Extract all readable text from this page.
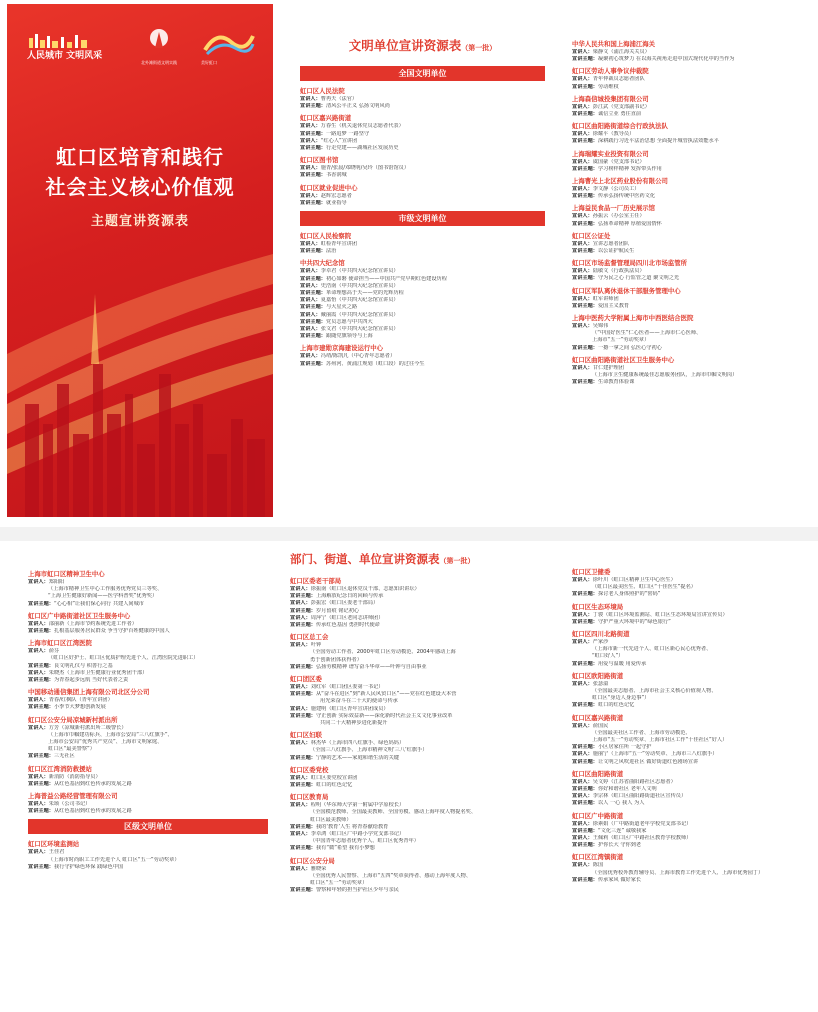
人民城市 文明风采
北外滩街道文明实践	美好虹口
虹口区培育和践行
社会主义核心价值观
主题宣讲资源表
文明单位宣讲资源表（第一批）
全国文明单位
虹口区人民法院
宣讲人：曹再天（法官）
宣讲主题：清风公平正义 弘扬文明风尚
虹口区嘉兴路街道
宣讲人：万春生（机关退休党员志愿者代表）
宣讲主题：一路追梦 一路坚守
宣讲人：“红心人”宣讲团
宣讲主题：行走党建——湖城社区发展历史
虹口区图书馆
宣讲人：施青/张晨/邓晓明/吴玲（图书馆馆员）
宣讲主题：书香润城
虹口区就业促进中心
宣讲人：赵辉宏志愿者
宣讲主题：就业指导
市级文明单位
虹口区人民检察院
宣讲人：虹检青年宣讲团
宣讲主题：法治
中共四大纪念馆
宣讲人：李卓君（中共四大纪念馆宣讲员）
宣讲主题：初心如磐 使命担当——中国共产党早期红色建设历程
宣讲人：史浩南（中共四大纪念馆宣讲员）
宣讲主题：革命理想高于天——党的光辉历程
宣讲人：夏嘉怡（中共四大纪念馆宣讲员）
宣讲主题：与大星火之路
宣讲人：戴丽霞（中共四大纪念馆宣讲员）
宣讲主题：党员志愿与中共四大
宣讲人：张文君（中共四大纪念馆宣讲员）
宣讲主题：跟随党旗领导与上海
上海市建勋京海建设运行中心
宣讲人：冯靖/陈凯凡（中心青年志愿者）
宣讲主题：苏州河、黄浦江规划（虹口段）的过往今生
中华人民共和国上海浦江海关
宣讲人：梁静文（浦江海关关员）
宣讲主题：凝聚初心筑梦力 在以海关视角走进中国式现代化中的当作为
虹口区劳动人事争议仲裁院
宣讲人：青年仲裁员志愿者团队
宣讲主题：劳动维权
上海森信城投集团有限公司
宣讲人：彭江武（党支部副书记）
宣讲主题：诚信立业 勇往直前
虹口区曲阳路街道综合行政执法队
宣讲人：徐耀平（教导员）
宣讲主题：深耕践行习近平法治思想 全面提升城管执法效能水平
上海瑞耀实业投资有限公司
宣讲人：虞国豪（党支部书记）
宣讲主题：学习榜样精神 发挥带头作用
上海曹光上北区药业股份有限公司
宣讲人：李文静（公司员工）
宣讲主题：传承弘扬传统中医药文化
上海益民食品一厂历史展示馆
宣讲人：孙振云（办公室主任）
宣讲主题：弘扬革命精神 厚植爱国情怀
虹口区公证处
宣讲人：宣讲志愿者团队
宣讲主题：以公证护航民生
虹口区市场监督管理局四川北市场监管所
宣讲人：陆敏文（行政执法员）
宣讲主题：守为民之心 行监管之道 聚文明之光
虹口区军队离休退休干部服务管理中心
宣讲人：虹军讲师团
宣讲主题：爱国主义教育
上海中医药大学附属上海市中西医结合医院
宣讲人：吴锦伟
（“中国好医生”仁心医者——上海市仁心医师、
上海市“五一”劳动奖章）
宣讲主题：一撼一拿之间 弘医心守初心
虹口区曲阳路街道社区卫生服务中心
宣讲人：甘仁建护理团
（上海市卫生健康系统最佳志愿服务团队，上海市巾帼文明岗）
宣讲主题：生命教育体验课
上海市虹口区精神卫生中心
宣讲人：郑阳阳
（上海市精神卫生中心工作服务优秀党员三等奖、
“上海卫生健康好新闻——医学科普奖”优秀奖）
宣讲主题：“心心相”让我们保心同行 共建人间城市
虹口区广中路街道社区卫生服务中心
宣讲人：邵丽新（上海市节约系统先进工作者）
宣讲主题：扎根基层服务居民群众 争当守护百姓健康的中国人
上海市虹口区江湾医院
宣讲人：俞芬
（虹口区好护士、虹口区优质护理先进个人、江湾医院先进职工）
宣讲主题：良文明礼仪与 积善行之基
宣讲人：朱晓杰（上海市卫生健康行业优秀团干部）
宣讲主题：为青春起步远航 当好代表者之责
中国移动通信集团上海有限公司北区分公司
宣讲人：青春/红枫队（青年宣讲团）
宣讲主题：小季节大梦想创新发展
虹口区公安分局凉城新村派出所
宣讲人：方芳（凉城新村派出所二级警长）
（上海市巾帼建功标兵、上海市公安局“三八红旗手”、
上海市公安局“优秀共产党员”、上海市文明家庭、
虹口区“最美警察”）
宣讲主题：三无社区
虹口区江湾消防救援站
宣讲人：新消防（消防指导员）
宣讲主题：从红色基因到红色传承的发展之路
上海普益公路经营管理有限公司
宣讲人：朱颂（公司书记）
宣讲主题：从红色基因到红色传承的发展之路
区级文明单位
虹口区环境监测站
宣讲人：王佳君
（上海市时尚职工工作先进个人 虹口区“五一”劳动奖章）
宣讲主题：我行守护绿色环保 践绿色中国
部门、街道、单位宣讲资源表（第一批）
虹口区委老干部局
宣讲人：徐振南（虹口区退休党员干部、志愿知识讲坛）
宣讲主题：上海解放纪念日的回顾与传承
宣讲人：彭振宏（虹口区委老干部局）
宣讲主题：岁月留痕 铭记初心
宣讲人：周萍宁（虹口区老同志讲师团）
宣讲主题：传承红色基因 勇担时代使命
虹口区总工会
宣讲人：叶钟
（全国劳动工作者、2000年虹口区劳动模范、2004年感动上海
勇于创新团体获得者）
宣讲主题：弘扬劳模精神 谱写奋斗华章——叶钟与自由事业
虹口团区委
宣讲人：刘红军（虹口团区委第一书记）
宣讲主题：从“奋斗在进区”到“新人民风贸口区”——党在红色建设大本营
用光荣奋斗在二十大的使命与传承
宣讲人：施建明（虹口区青年宣讲团成员）
宣讲主题：守正创新 实际效益新——深化新时代社会主义文化事业改革
共同二十大精神步进化新提升
虹口区妇联
宣讲人：林杰华（上海市四八红旗手、绿色妈妈）
（全国三八红旗手、上海市精神文明‘三八’红旗手）
宣讲主题：宁静的艺术——家庭和谐生活的关键
虹口区委党校
宣讲人：虹口区委党校宣讲团
宣讲主题：虹口的红色记忆
虹口区教育局
宣讲人：程明（华东师大学第一附属中学原校长）
（全国模范教师、全国最美教师、全国劳模、感动上海年度人物提名奖、
虹口区最美教师）
宣讲主题：我的‘教育’人生 将青春献给教育
宣讲人：李卓鸿（虹口区广中路小学党支部书记）
（中国青年志愿者优秀个人、虹口区优秀青年）
宣讲主题：我有“微”希望 我有小梦想
虹口区公安分局
宣讲人：雅晓荣
（全国优秀人民警察、上海市“五四”奖章获得者、感动上海年度人物、
虹口区“五一”劳动奖章）
宣讲主题：警察和年轻的担当护社区少年与亲民
虹口区卫健委
宣讲人：徐叶川（虹口区精神卫生中心医生）
（虹口区最美医生、虹口区“十佳医生”提名）
宣讲主题：探讨老人身体照护的“密码”
虹口区生态环境局
宣讲人：丁骏（虹口区环境监测站、虹口区生态环境局宣讲宣传员）
宣讲主题：守护严重大环境中的“绿色银行”
虹口区四川北路街道
宣讲人：严家沙
（上海市新一代先进个人、虹口区新心民心优秀者、
“虹口好人”）
宣讲主题：用爱与温暖 用爱传承
虹口区欧阳路街道
宣讲人：张瑟溢
（全国最美志愿者、上海市社会主义核心价值观人物、
虹口区“身边人身边事”）
宣讲主题：虹口的红色记忆
虹口区嘉兴路街道
宣讲人：俞国民
（全国最美社区工作者、上海市劳动模范、
上海市“五一”劳动奖章、上海市社区工作“十佳社区”好人）
宣讲主题：小区居家住所 一起守护
宣讲人：施丽宁（上海市“五一”劳动奖章、上海市三八红旗手）
宣讲主题：让文明之风吹进社区 做好街道红色剧场宣讲
虹口区曲阳路街道
宣讲人：吴文婷（江苏省曲阳路社区志愿者）
宣讲主题：你好和谐社区 老年人文明
宣讲人：李宗林（虹口区曲阳路街道社区宣传员）
宣讲主题：以人 一心 我人 为人
虹口区广中路街道
宣讲人：徐素娟（广中路街道老年学校党支部书记）
宣讲主题：“文化三连” 诚敬我家
宣讲人：王佩莉（虹口区广中路社区教育学校教师）
宣讲主题：护你长大 守你到老
虹口区江湾镇街道
宣讲人：陈国
（全国优秀校外教育辅导员、上海市教育工作先进个人、上海市优秀园丁）
宣讲主题：传承家风 做好家长
